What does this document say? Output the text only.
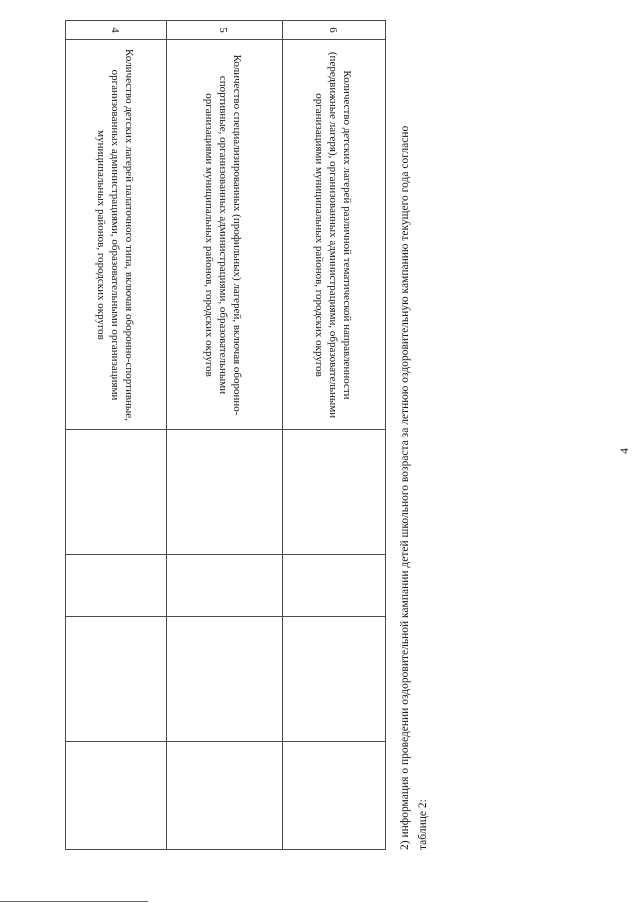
4
4
Количество детских лагерей палаточного типа, включая оборонно-спортивные, организованных администрациями, образовательными организациями муниципальных районов, городских округов
5
Количество специализированных (профильных) лагерей, включая оборонно-спортивные, организованных администрациями, образовательными организациями муниципальных районов, городских округов
6
Количество детских лагерей различной тематической направленности (передвижные лагеря), организованных администрациями, образовательными организациями муниципальных районов, городских округов	2) информация о проведении оздоровительной кампании детей школьного возраста за летнюю оздоровительную кампанию текущего года согласно таблице 2:
